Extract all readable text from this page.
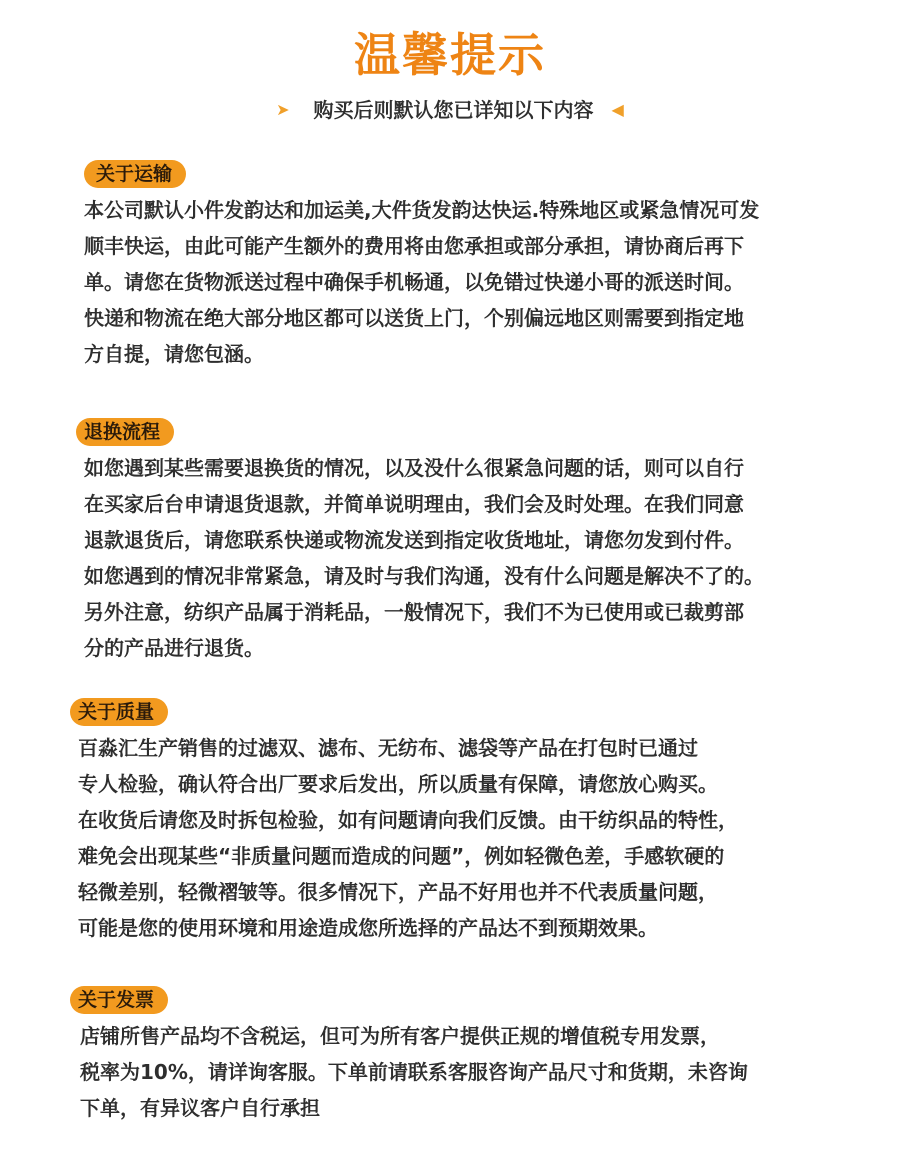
温馨提示
➤ 购买后则默认您已详知以下内容 ◀
关于运输
本公司默认小件发韵达和加运美,大件货发韵达快运.特殊地区或紧急情况可发
顺丰快运，由此可能产生额外的费用将由您承担或部分承担，请协商后再下
单。请您在货物派送过程中确保手机畅通，以免错过快递小哥的派送时间。
快递和物流在绝大部分地区都可以送货上门，个别偏远地区则需要到指定地
方自提，请您包涵。
退换流程
如您遇到某些需要退换货的情况，以及没什么很紧急问题的话，则可以自行
在买家后台申请退货退款，并简单说明理由，我们会及时处理。在我们同意
退款退货后，请您联系快递或物流发送到指定收货地址，请您勿发到付件。
如您遇到的情况非常紧急，请及时与我们沟通，没有什么问题是解决不了的。
另外注意，纺织产品属于消耗品，一般情况下，我们不为已使用或已裁剪部
分的产品进行退货。
关于质量
百淼汇生产销售的过滤双、滤布、无纺布、滤袋等产品在打包时已通过
专人检验，确认符合出厂要求后发出，所以质量有保障，请您放心购买。
在收货后请您及时拆包检验，如有问题请向我们反馈。由干纺织品的特性，
难免会出现某些“非质量问题而造成的问题”，例如轻微色差，手感软硬的
轻微差别，轻微褶皱等。很多情况下，产品不好用也并不代表质量问题，
可能是您的使用环境和用途造成您所选择的产品达不到预期效果。
关于发票
店铺所售产品均不含税运，但可为所有客户提供正规的增值税专用发票，
税率为10%，请详询客服。下单前请联系客服咨询产品尺寸和货期，未咨询
下单，有异议客户自行承担
